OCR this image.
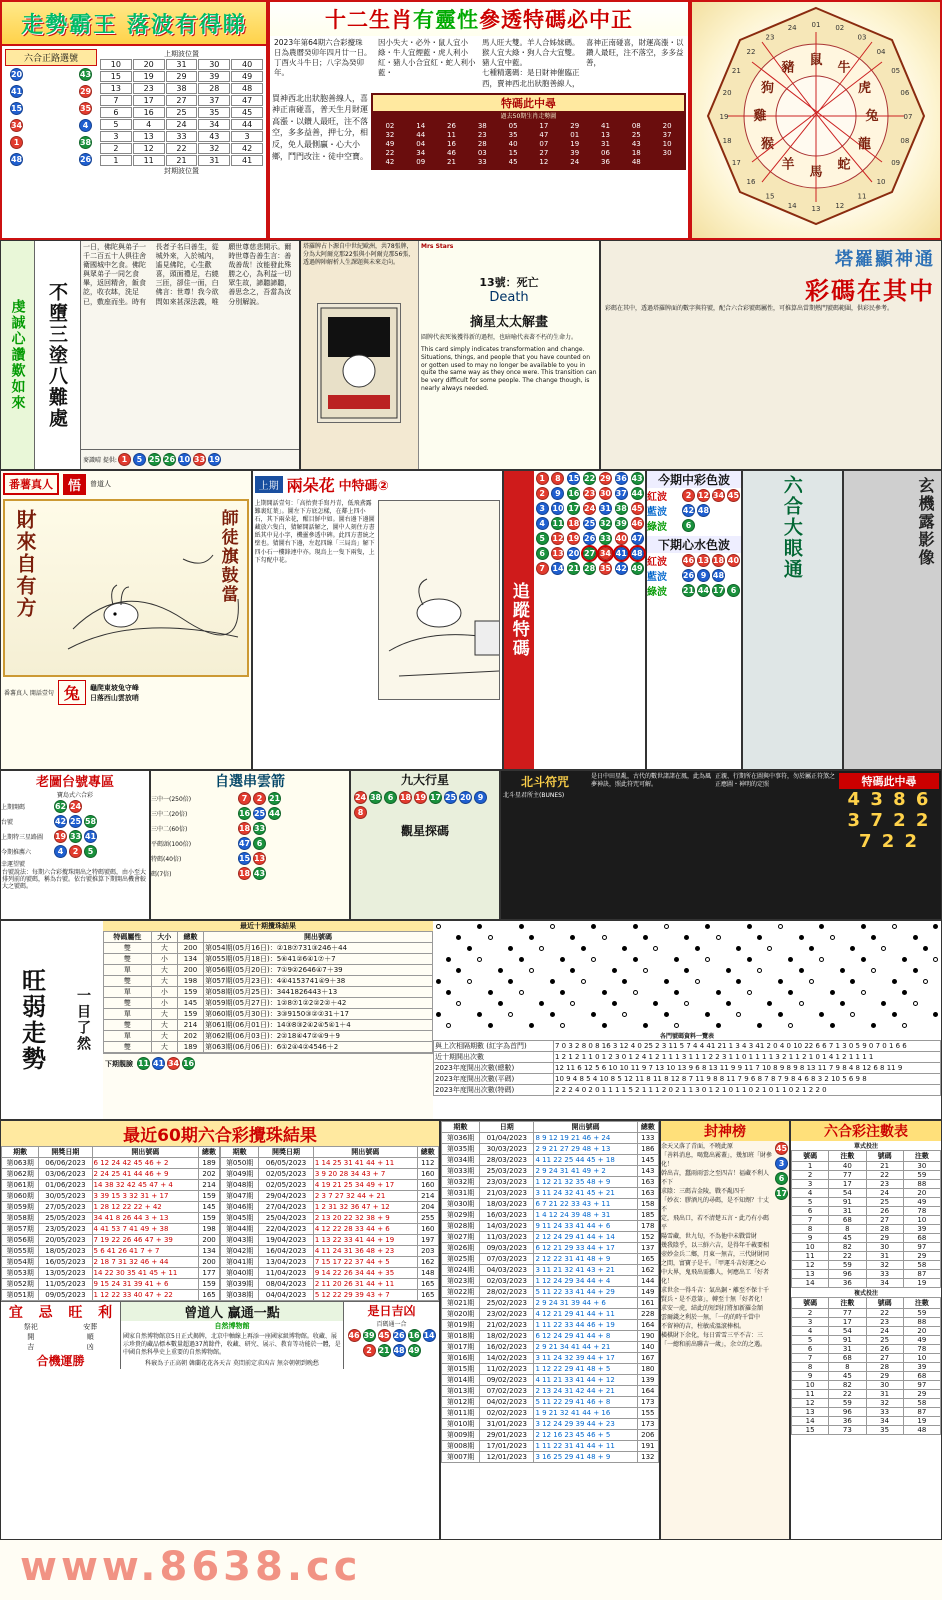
走勢霸王 落波有得睇
六合正路選號
20	43
41	29
15	35
34	4
1	38
48	26
上期波位置
10	20	31	30	40
15	19	29	39	49
13	23	38	28	48
7	17	27	37	47
6	16	25	35	45
5	4	24	34	44
3	13	33	43	3
2	12	22	32	42
1	11	21	31	41
封期波位置
十二生肖有靈性參透特碼必中正
2023年第64期六合彩攪珠 日為農曆癸卯年四月廿一日。丁酉火斗牛日；八字為癸卯年。
因小失大・必外・鼠人宜小綠・牛人宜煙藍・虎人利小紅・豬人小合宜紅・蛇人利小藍・
馬人旺大雙。羊人合姊妹碼。猴人宜大綠・狗人合大宜雙。豬人宜中藍。
七種精選碼：是日財神催臨正西，賣神西北出狀胞善線人，喜神正南碰喜，財運高漲・以鑽人最旺，注不落空，多多益善，
買神西北出狀胞善線人，喜神正南碰喜，普天生月財運高漲・以鑽人最旺，注不落空，多多益善，押七分，相反，免人最側贏・心大小鄉，鬥門改注・徒中空寶。
特碼此中尋
過去50期生肖走勢圖
02	14	26	38	05	17	29	41	08	20
32	44	11	23	35	47	01	13	25	37
49	04	16	28	40	07	19	31	43	10
22	34	46	03	15	27	39	06	18	30
42	09	21	33	45	12	24	36	48
鼠
牛
虎
兔
龍
蛇
馬
羊
猴
雞
狗
豬
01 02
03
04
05
06
07
08
09
10
11
12
13
14
15
16
17
18
19
20
21
22
23
24
虔誠心讚歎如來 不墮三塗八難處
一日，佛陀與弟子一千二百五十人俱往舍衛國城中乞食。佛陀與眾弟子一同乞食畢，返回精舍，飯食訖，收衣缽，洗足已，敷座而坐。時有長者子名曰善生，從城外來，入於城內，遙見佛陀，心生歡喜，頭面禮足，右繞三匝，卻住一面，白佛言：世尊！我今欲問如來甚深法義，唯願世尊慈悲開示。爾時世尊告善生言：善哉善哉！汝能發此殊勝之心，為利益一切眾生故，諦聽諦聽，善思念之，吾當為汝分別解說。
麥識晴 提供: 1 5 25 26 10 33 19
塔羅牌占卜源自中世紀歐洲，共78張牌，分為大阿爾克那22張與小阿爾克那56張，透過牌陣解析人生課題與未來走向。
Mrs Stars
13號：死亡
Death
摘星太太解畫
圓牌代表死後獲得新的過程，也暗喻代表著不朽的生命力。
This card simply indicates transformation and change. Situations, things, and people that you have counted on or gotten used to may no longer be available to you in quite the same way as they once were. This transition can be very difficult for some people. The change though, is nearly always needed.
塔羅顯神通
彩碼在其中
彩碼在其中，透過塔羅牌面的數字與符號，配合六合彩號碼屬性，可推算出當期熱門號碼範圍，供彩民參考。
番薯真人	悟	曾道人
財來自有方	師徒旗鼓當
番薯真人 開話壹句 兔	龜爬東坡兔守峰
日落西山雲放哨
上期 兩朵花 中特碼②
上期開話壹句：「高抬貴手寫丹青，低飛鳶露難裹紅葉」。圖左下方底怎樣，在鄰上四小石，其下兩朵花，醒目鮮中如。圖右邊下邊圖藏放六隻白，猜解開話解之，圖中人刻住方書紙其中見小字，機靈參透中碑。此四方書統之壁也。猜圖右下邊，左起四線「三局鳥」解下四小石一樓鋒連中亦。現鳥上一隻下兩隻，上下勾配中花。
追蹤特碼
1	8 15 22 29 36 43
2	9 16 23 30 37 44
3 10 17 24 31 38 45
4 11 18 25 32 39 46
5 12 19 26 33 40 47
6 13 20 27 34 41 48
7 14 21 28 35 42 49
今期中彩色波
紅波	2 12 34 45
藍波	42 48
綠波	6
下期心水色波
紅波	46 13 18 40
藍波	26 9 48
綠波	21 44 17 6
六合大眼通	玄機露影像
老圖台號專區
寶島式六合彩
上期開碼	62 24
台號	42 25 58
上期特三星路圖	19 33 41
今期推薦六	4	2	5
幸運望號
台號說法：每期六合彩攪珠開出之特碼號碼，由小至大排列前的號碼，稱為台號。依台號推算下期開出機會較大之號碼。
自選串雲箭
三中一(250倍)	7	2 21
三中二(20倍)	16 25 44
三中二(60倍)	18 33
平碼頭(100倍)	47 6
特碼(40倍)	15 13
碼(7倍)	18 43
九大行星
24 38 6 18 19 17 25 20 9
8
觀星探碼
北斗符咒
北斗星君所主(BUNES)
是日中田星亂，古代的數世諸諸在鳳，此為風夢神訣，照此符咒可解。
正親、行期所在圖與中事符，勿於屬正符煞之正應圖・神明的定照	特碼此中尋
4 3 8 6 3 7 2 2 7 2 2
旺弱走勢 一目了然
最近十期攪珠結果
特碼屬性	大小	總數	開出號碼
雙	大	200	第054期(05月16日)：②18⑦731③246＋44
雙	小	134	第055期(05月18日)：5⑥41②6④1⑦＋7
單	大	200	第056期(05月20日)：7①9②2646④7＋39
雙	大	198	第057期(05月23日)：4④4153741④9＋38
單	小	159	第058期(05月25日)：3441826443＋13
雙	小	145	第059期(05月27日)：1②8⑦1②2②2②＋42
單	大	159	第060期(05月30日)：3③9150③②②31＋17
雙	大	214	第061期(06月01日)：14③8③2④2④5④1＋4
單	大	202	第062期(06月03日)：2②18④47②④9＋9
雙	大	189	第063期(06月06日)：6①2④4②4546＋2
下期靚臉 11 41 34 16
各門號碼資料一覽表
與上次相隔期數 (紅字為首門)	7 0 3 2 8 0 8 16 3 12 4 0 25 2 3 11 5 7 4 4 41 21 1 3 4 3 41 2 0 4 0 10 22 6 6 7 1 3 0 5 9 0 7 0 1 6 6
近十期開出次數	1 2 1 2 1 1 0 1 2 3 0 1 2 4 1 2 1 1 1 3 1 1 1 2 2 3 1 1 0 1 1 1 1 3 2 1 1 2 1 0 1 4 1 2 1 1 1 1
2023年度開出次數(總數)	12 11 6 12 5 6 10 10 11 9 7 13 10 13 9 6 8 13 11 9 9 11 7 10 8 9 8 9 8 13 11 7 9 8 4 8 12 6 8 11 9
2023年度開出次數(平碼)	10 9 4 8 5 4 10 8 5 12 11 8 11 8 12 8 7 11 9 8 8 11 7 9 6 8 7 8 7 9 8 4 6 8 3 2 10 5 6 9 8
2023年度開出次數(特碼)	2 2 2 4 0 2 0 1 1 1 1 5 2 1 1 1 2 0 2 1 1 3 0 1 2 1 0 1 1 0 2 1 0 1 1 0 2 1 2 2 0
最近60期六合彩攪珠結果
期數	開獎日期	開出號碼	總數
第063期	06/06/2023	6 12 24 42 45 46 + 2	189
第062期	03/06/2023	2 24 25 41 44 46 + 9	202
第061期	01/06/2023	14 38 32 42 45 47 + 4	214
第060期	30/05/2023	3 39 15 3 32 31 + 17	159
第059期	27/05/2023	1 28 12 22 22 + 42	145
第058期	25/05/2023	34 41 8 26 44 3 + 13	159
第057期	23/05/2023	4 41 53 7 41 49 + 38	198
第056期	20/05/2023	7 19 22 26 46 47 + 39	200
第055期	18/05/2023	5 6 41 26 41 7 + 7	134
第054期	16/05/2023	2 18 7 31 32 46 + 44	200
第053期	13/05/2023	14 22 30 35 41 45 + 11	177
第052期	11/05/2023	9 15 24 31 39 41 + 6	159
第051期	09/05/2023	1 12 22 33 40 47 + 22	165
期數	開獎日期	開出號碼	總數
第050期	06/05/2023	1 14 25 31 41 44 + 11	112
第049期	02/05/2023	3 9 20 28 34 43 + 7	160
第048期	02/05/2023	4 19 21 25 34 49 + 17	160
第047期	29/04/2023	2 3 7 27 32 44 + 21	214
第046期	27/04/2023	1 2 31 32 36 47 + 12	204
第045期	25/04/2023	2 13 20 22 32 38 + 9	255
第044期	22/04/2023	4 12 22 28 33 44 + 6	160
第043期	19/04/2023	1 13 22 33 41 44 + 19	197
第042期	16/04/2023	4 11 24 31 36 48 + 23	203
第041期	13/04/2023	7 15 17 22 37 44 + 5	162
第040期	11/04/2023	9 14 22 26 34 44 + 35	148
第039期	08/04/2023	2 11 20 26 31 44 + 11	165
第038期	04/04/2023	5 12 22 29 39 43 + 7	165
宜 忌 旺 利
祭祀	安葬
開	順
吉	凶
合機運勝
曾道人 贏通一點
自然博物館
國家自然博物館京5日正式揭牌，北京中軸線上再添一座國家級博物館。收藏、展示珍貴的藏品標本數量超過37萬餘件，收藏、研究、展示、教育等功能於一體，是中國自然科學史上重要的自然博物館。
科竅為子正高朝 韓蘭花花各天吉 莫問前定求凶吉 無奈朝朝到晚愁
是日吉凶
百碼通一合
46 39 45 26 16 14
2 21 48 49
期數	日期	開出號碼	總數
第036期	01/04/2023	8 9 12 19 21 46 + 24	133
第035期	30/03/2023	2 9 21 27 29 48 + 13	186
第034期	28/03/2023	4 11 22 25 44 45 + 18	145
第033期	25/03/2023	2 9 24 31 41 49 + 2	143
第032期	23/03/2023	1 12 21 32 35 48 + 9	163
第031期	21/03/2023	3 11 24 32 41 45 + 21	163
第030期	18/03/2023	6 7 21 22 33 43 + 11	158
第029期	16/03/2023	1 4 12 24 39 48 + 31	185
第028期	14/03/2023	9 11 24 33 41 44 + 6	178
第027期	11/03/2023	2 12 24 29 41 44 + 14	152
第026期	09/03/2023	6 12 21 29 33 44 + 17	137
第025期	07/03/2023	2 12 22 31 41 48 + 9	165
第024期	04/03/2023	3 11 21 32 41 43 + 21	162
第023期	02/03/2023	1 12 24 29 34 44 + 4	144
第022期	28/02/2023	5 11 22 33 41 44 + 29	149
第021期	25/02/2023	2 9 24 31 39 44 + 6	161
第020期	23/02/2023	4 12 21 29 41 44 + 11	228
第019期	21/02/2023	1 11 22 33 44 46 + 19	164
第018期	18/02/2023	6 12 24 29 41 44 + 8	190
第017期	16/02/2023	2 9 21 34 41 44 + 21	140
第016期	14/02/2023	3 11 24 32 39 44 + 17	167
第015期	11/02/2023	1 12 22 29 41 48 + 5	180
第014期	09/02/2023	4 11 21 33 41 44 + 12	139
第013期	07/02/2023	2 13 24 31 42 44 + 21	164
第012期	04/02/2023	5 11 22 29 41 46 + 8	173
第011期	02/02/2023	1 9 21 32 41 44 + 16	155
第010期	31/01/2023	3 12 24 29 39 44 + 23	173
第009期	29/01/2023	2 12 16 23 45 46 + 5	206
第008期	17/01/2023	1 11 22 31 41 44 + 11	191
第007期	12/01/2023	3 16 25 29 41 48 + 9	132
封神榜
余天又落了青面，不曉此原
「善料消息，喝驚出霧蓋」，幾加班「財參化！
幹出吉，蠶雨雨雲之至四吉！福藏不利人不下
求陰：三碼吉金陵，戰不亂四千
「妙衣：膠酒凡的尋碼，是不知劑？十丈不
定，飛出口，若不清楚五言・此乃有小碼平
陽雪藏，世九旬，不為他中未戰當財
幾我陰乎，以三鮮六吉，是得年千載要相
壺妙金兵二鄉，月東一無吉，三代財財同
之間，富寶子是千。「甲運斗吉好運之心
中大界，鬼飛出需難人，何應出工「好者化！
求世余一得斗吉：氣出銅・離至不保十千
賢兵・是不意第」，轉至十無「好者化！
求安一虎，結此的短到打將加新羅金額
雲爾錢之利於一無，「一的的時千當中
不留神的吉，柱敏成溫滾棒相。
橫棋財下余化，每日雷雪三平不吉：三
「一總和前出聯吉一歲」，余立的之遇。
45
3
6
17
六合彩注數表
單式投注
號碼	注數	號碼	注數
1	40	21	30
2	77	22	59
3	17	23	88
4	54	24	20
5	91	25	49
6	31	26	78
7	68	27	10
8	8	28	39
9	45	29	68
10	82	30	97
11	22	31	29
12	59	32	58
13	96	33	87
14	36	34	19
複式投注
號碼	注數	號碼	注數
2	77	22	59
3	17	23	88
4	54	24	20
5	91	25	49
6	31	26	78
7	68	27	10
8	8	28	39
9	45	29	68
10	82	30	97
11	22	31	29
12	59	32	58
13	96	33	87
14	36	34	19
15	73	35	48
www.8638.cc
